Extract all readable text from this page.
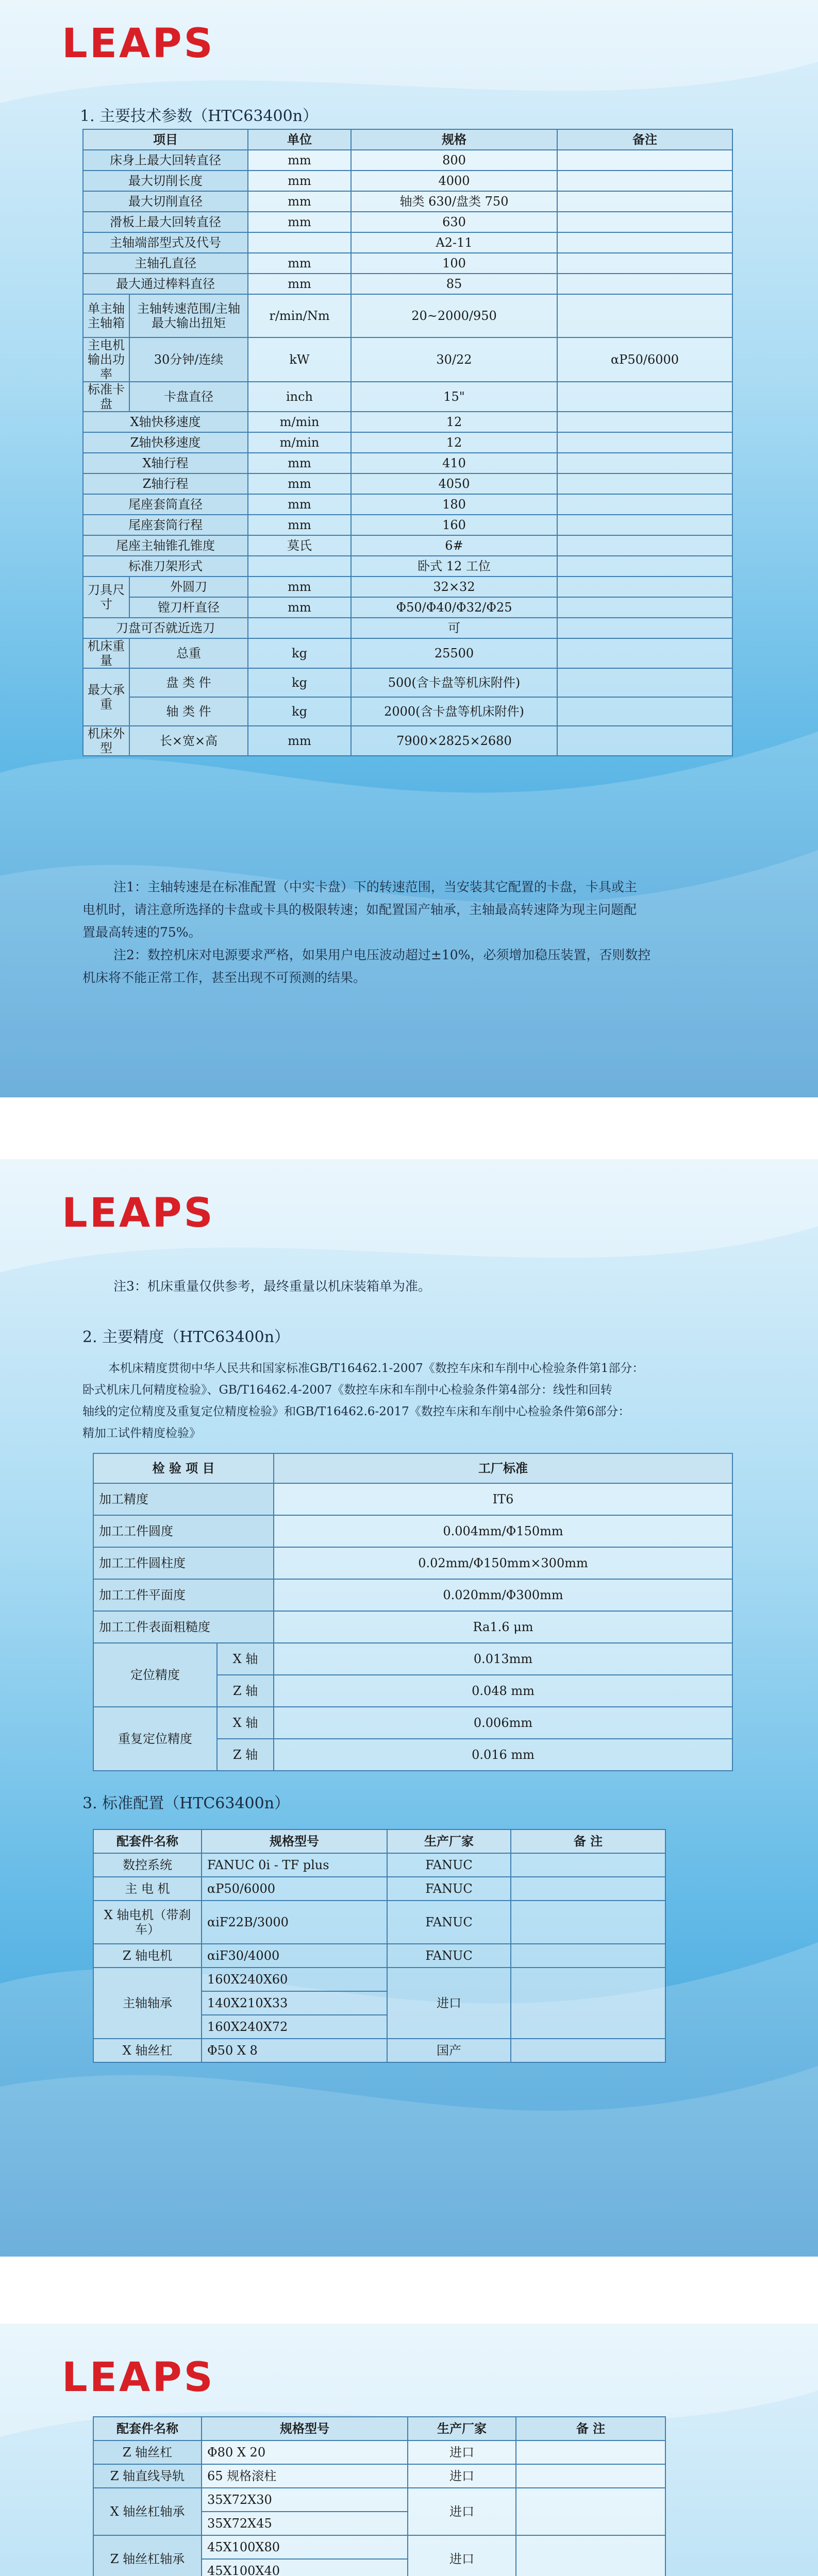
LEAPS
1. 主要技术参数（HTC63400n）
项目		单位	规格	备注
床身上最大回转直径		mm	800	
最大切削长度		mm	4000	
最大切削直径		mm	轴类 630/盘类 750	
滑板上最大回转直径		mm	630	
主轴端部型式及代号			A2-11	
主轴孔直径		mm	100	
最大通过棒料直径		mm	85	
单主轴主轴箱	主轴转速范围/主轴最大输出扭矩	r/min/Nm	20~2000/950	
主电机输出功率	30分钟/连续	kW	30/22	αP50/6000
标准卡盘	卡盘直径	inch	15"	
X轴快移速度		m/min	12	
Z轴快移速度		m/min	12	
X轴行程		mm	410	
Z轴行程		mm	4050	
尾座套筒直径		mm	180	
尾座套筒行程		mm	160	
尾座主轴锥孔锥度		莫氏	6#	
标准刀架形式			卧式 12 工位	
刀具尺寸	外圆刀	mm	32×32	
	镗刀杆直径	mm	Φ50/Φ40/Φ32/Φ25	
刀盘可否就近选刀			可	
机床重量	总重	kg	25500	
最大承重	盘 类 件	kg	500(含卡盘等机床附件)	
	轴 类 件	kg	2000(含卡盘等机床附件)	
机床外型	长×宽×高	mm	7900×2825×2680	
注1：主轴转速是在标准配置（中实卡盘）下的转速范围，当安装其它配置的卡盘，卡具或主
电机时，请注意所选择的卡盘或卡具的极限转速；如配置国产轴承，主轴最高转速降为现主问题配
置最高转速的75%。
注2：数控机床对电源要求严格，如果用户电压波动超过±10%，必须增加稳压装置，否则数控
机床将不能正常工作，甚至出现不可预测的结果。
LEAPS
注3：机床重量仅供参考，最终重量以机床装箱单为准。
2. 主要精度（HTC63400n）
本机床精度贯彻中华人民共和国家标准GB/T16462.1-2007《数控车床和车削中心检验条件第1部分：
卧式机床几何精度检验》、GB/T16462.4-2007《数控车床和车削中心检验条件第4部分：线性和回转
轴线的定位精度及重复定位精度检验》和GB/T16462.6-2017《数控车床和车削中心检验条件第6部分：
精加工试件精度检验》
检 验 项 目		工厂标准
加工精度		IT6
加工工件圆度		0.004mm/Φ150mm
加工工件圆柱度		0.02mm/Φ150mm×300mm
加工工件平面度		0.020mm/Φ300mm
加工工件表面粗糙度		Ra1.6 μm
定位精度	X 轴	0.013mm
	Z 轴	0.048 mm
重复定位精度	X 轴	0.006mm
	Z 轴	0.016 mm
3. 标准配置（HTC63400n）
配套件名称	规格型号	生产厂家	备 注
数控系统	FANUC 0i - TF plus	FANUC	
主 电 机	αP50/6000	FANUC	
X 轴电机（带刹车）	αiF22B/3000	FANUC	
Z 轴电机	αiF30/4000	FANUC	
主轴轴承	160X240X60	进口	
	140X210X33		
	160X240X72		
X 轴丝杠	Φ50 X 8	国产	
LEAPS
配套件名称	规格型号	生产厂家	备 注
Z 轴丝杠	Φ80 X 20	进口	
Z 轴直线导轨	65 规格滚柱	进口	
X 轴丝杠轴承	35X72X30	进口	
	35X72X45		
Z 轴丝杠轴承	45X100X80	进口	
	45X100X40		
